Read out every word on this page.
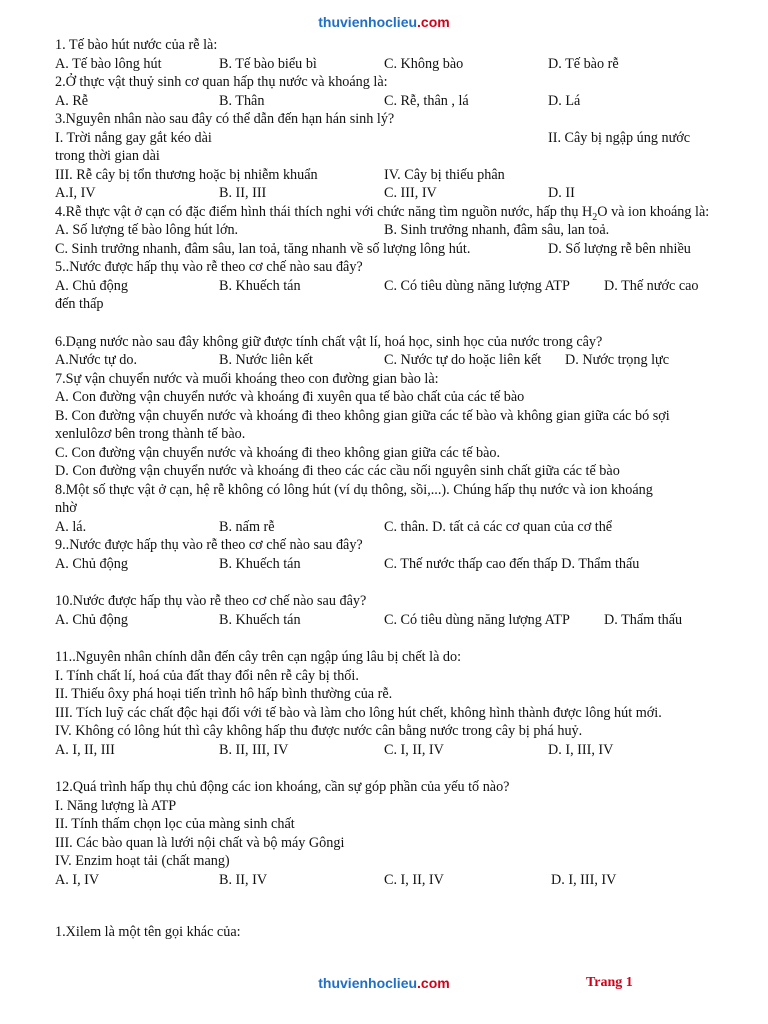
thuvienhoclieu.com
1. Tế bào hút nước của rễ là:
A. Tế bào lông hút	B. Tế bào biểu bì	C. Không bào	D. Tế bào rễ
2.Ở thực vật thuỷ sinh cơ quan hấp thụ nước và khoáng là:
A. Rễ	B. Thân	C. Rễ, thân , lá	D. Lá
3.Nguyên nhân nào sau đây có thể dẫn đến hạn hán sinh lý?
I. Trời nắng gay gắt kéo dài	II. Cây bị ngập úng nước
trong thời gian dài
III. Rễ cây bị tổn thương hoặc bị nhiễm khuẩn	IV. Cây bị thiếu phân
A.I, IV	B. II, III	C. III, IV	D. II
4.Rễ thực vật ở cạn có đặc điểm hình thái thích nghi với chức năng tìm nguồn nước, hấp thụ $H_2O$ và ion khoáng là:
A. Số lượng tế bào lông hút lớn.	B. Sinh trưởng nhanh, đâm sâu, lan toả.
C. Sinh trưởng nhanh, đâm sâu, lan toả, tăng nhanh về số lượng lông hút.	D. Số lượng rễ bên nhiều
5..Nước được hấp thụ vào rễ theo cơ chế nào sau đây?
A. Chủ động	B. Khuếch tán	C. Có tiêu dùng năng lượng ATP D. Thế nước cao
đến thấp
6.Dạng nước nào sau đây không giữ được tính chất vật lí, hoá học, sinh học của nước trong cây?
A.Nước tự do.	B. Nước liên kết	C. Nước tự do hoặc liên kết D. Nước trọng lực
7.Sự vận chuyển nước và muối khoáng theo con đường gian bào là:
A. Con đường vận chuyển nước và khoáng đi xuyên qua tế bào chất của các tế bào
B. Con đường vận chuyển nước và khoáng đi theo không gian giữa các tế bào và không gian giữa các bó sợi
xenlulôzơ bên trong thành tế bào.
C. Con đường vận chuyển nước và khoáng đi theo không gian giữa các tế bào.
D. Con đường vận chuyển nước và khoáng đi theo các các cầu nối nguyên sinh chất giữa các tế bào
8.Một số thực vật ở cạn, hệ rễ không có lông hút (ví dụ thông, sồi,...). Chúng hấp thụ nước và ion khoáng
nhờ
A. lá.	B. nấm rễ	C. thân. D. tất cả các cơ quan của cơ thể
9..Nước được hấp thụ vào rễ theo cơ chế nào sau đây?
A. Chủ động	B. Khuếch tán	C. Thế nước thấp cao đến thấp D. Thẩm thấu
10.Nước được hấp thụ vào rễ theo cơ chế nào sau đây?
A. Chủ động	B. Khuếch tán	C. Có tiêu dùng năng lượng ATP D. Thẩm thấu
11..Nguyên nhân chính dẫn đến cây trên cạn ngập úng lâu bị chết là do:
I. Tính chất lí, hoá của đất thay đổi nên rễ cây bị thối.
II. Thiếu ôxy phá hoại tiến trình hô hấp bình thường của rễ.
III. Tích luỹ các chất độc hại đối với tế bào và làm cho lông hút chết, không hình thành được lông hút mới.
IV. Không có lông hút thì cây không hấp thu được nước cân bằng nước trong cây bị phá huỷ.
A. I, II, III	B. II, III, IV	C. I, II, IV	D. I, III, IV
12.Quá trình hấp thụ chủ động các ion khoáng, cần sự góp phần của yếu tố nào?
I. Năng lượng là ATP
II. Tính thấm chọn lọc của màng sinh chất
III. Các bào quan là lưới nội chất và bộ máy Gôngi
IV. Enzim hoạt tải (chất mang)
A. I, IV	B. II, IV	C. I, II, IV	D. I, III, IV
1.Xilem là một tên gọi khác của:
thuvienhoclieu.com	Trang 1
